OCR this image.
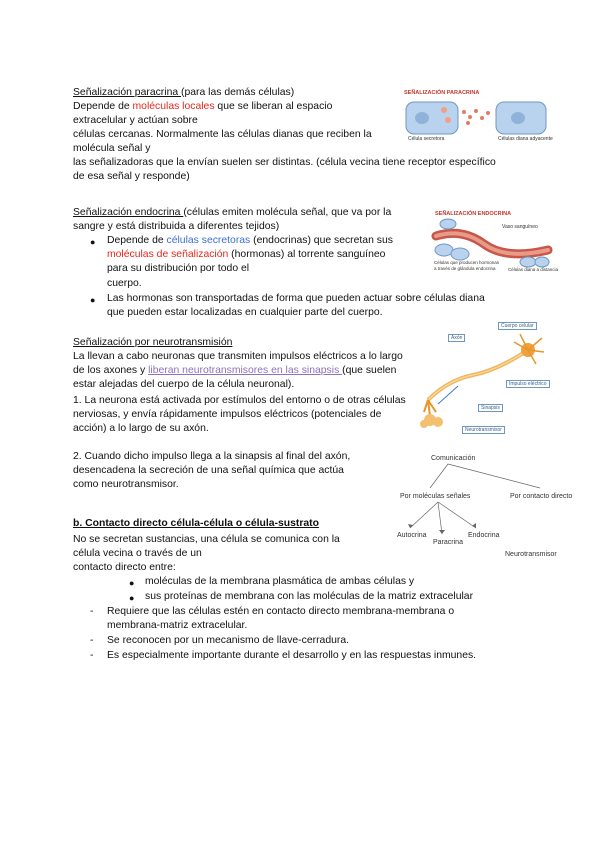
Señalización paracrina (para las demás células)
Depende de moléculas locales que se liberan al espacio
extracelular y actúan sobre
células cercanas. Normalmente las células dianas que reciben la
molécula señal y
las señalizadoras que la envían suelen ser distintas. (célula vecina tiene receptor específico
de esa señal y responde)
SEÑALIZACIÓN PARACRINA
Célula secretora	Células diana adyacente
Señalización endocrina (células emiten molécula señal, que va por la
sangre y está distribuida a diferentes tejidos)
● Depende de células secretoras (endocrinas) que secretan sus
moléculas de señalización (hormonas) al torrente sanguíneo
para su distribución por todo el
cuerpo.
● Las hormonas son transportadas de forma que pueden actuar sobre células diana
que pueden estar localizadas en cualquier parte del cuerpo.
SEÑALIZACIÓN ENDOCRINA
Vaso sanguíneo
Células que producen hormonas
a través de glándula endocrina	Células diana a distancia
Señalización por neurotransmisión
La llevan a cabo neuronas que transmiten impulsos eléctricos a lo largo
de los axones y liberan neurotransmisores en las sinapsis (que suelen
estar alejadas del cuerpo de la célula neuronal).
1. La neurona está activada por estímulos del entorno o de otras células
nerviosas, y envía rápidamente impulsos eléctricos (potenciales de
acción) a lo largo de su axón.
2. Cuando dicho impulso llega a la sinapsis al final del axón,
desencadena la secreción de una señal química que actúa
como neurotransmisor.
Cuerpo celular
Axón
Impulso eléctrico
Sinapsis
Neurotransmisor
Comunicación
Por moléculas señales	Por contacto directo
Autocrina
Paracrina
Endocrina
Neurotransmisor
b. Contacto directo célula-célula o célula-sustrato
No se secretan sustancias, una célula se comunica con la
célula vecina o través de un
contacto directo entre:
● moléculas de la membrana plasmática de ambas células y
● sus proteínas de membrana con las moléculas de la matriz extracelular
- Requiere que las células estén en contacto directo membrana-membrana o
membrana-matriz extracelular.
- Se reconocen por un mecanismo de llave-cerradura.
- Es especialmente importante durante el desarrollo y en las respuestas inmunes.
